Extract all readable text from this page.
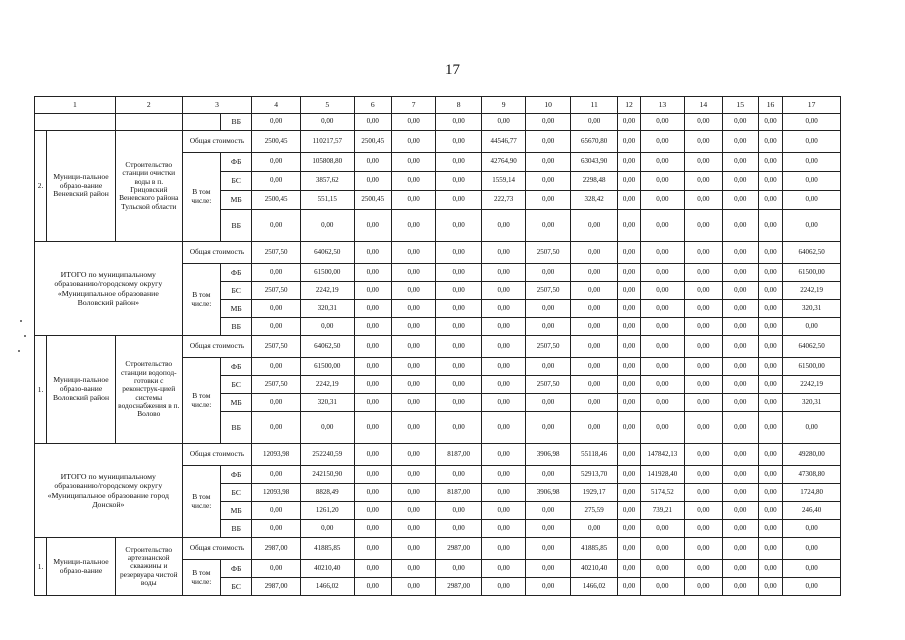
17
1		2	3		4	5	6	7	8	9	10	11	12	13	14	15	16	17
				ВБ	0,00	0,00	0,00	0,00	0,00	0,00	0,00	0,00	0,00	0,00	0,00	0,00	0,00	0,00
2.	Муници-пальное образо-вание Веневский район	Строительство станции очистки воды в п. Грицовский Веневского района Тульской области	Общая стоимость		2500,45	110217,57	2500,45	0,00	0,00	44546,77	0,00	65670,80	0,00	0,00	0,00	0,00	0,00	0,00
			В том числе:	ФБ	0,00	105808,80	0,00	0,00	0,00	42764,90	0,00	63043,90	0,00	0,00	0,00	0,00	0,00	0,00
				БС	0,00	3857,62	0,00	0,00	0,00	1559,14	0,00	2298,48	0,00	0,00	0,00	0,00	0,00	0,00
				МБ	2500,45	551,15	2500,45	0,00	0,00	222,73	0,00	328,42	0,00	0,00	0,00	0,00	0,00	0,00
				ВБ	0,00	0,00	0,00	0,00	0,00	0,00	0,00	0,00	0,00	0,00	0,00	0,00	0,00	0,00
ИТОГО по муниципальному образованию/городскому округу «Муниципальное образование Воловский район»			Общая стоимость		2507,50	64062,50	0,00	0,00	0,00	0,00	2507,50	0,00	0,00	0,00	0,00	0,00	0,00	64062,50
			В том числе:	ФБ	0,00	61500,00	0,00	0,00	0,00	0,00	0,00	0,00	0,00	0,00	0,00	0,00	0,00	61500,00
				БС	2507,50	2242,19	0,00	0,00	0,00	0,00	2507,50	0,00	0,00	0,00	0,00	0,00	0,00	2242,19
				МБ	0,00	320,31	0,00	0,00	0,00	0,00	0,00	0,00	0,00	0,00	0,00	0,00	0,00	320,31
				ВБ	0,00	0,00	0,00	0,00	0,00	0,00	0,00	0,00	0,00	0,00	0,00	0,00	0,00	0,00
1.	Муници-пальное образо-вание Воловский район	Строительство станции водопод-готовки с реконструк-цией системы водоснабжения в п. Волово	Общая стоимость		2507,50	64062,50	0,00	0,00	0,00	0,00	2507,50	0,00	0,00	0,00	0,00	0,00	0,00	64062,50
			В том числе:	ФБ	0,00	61500,00	0,00	0,00	0,00	0,00	0,00	0,00	0,00	0,00	0,00	0,00	0,00	61500,00
				БС	2507,50	2242,19	0,00	0,00	0,00	0,00	2507,50	0,00	0,00	0,00	0,00	0,00	0,00	2242,19
				МБ	0,00	320,31	0,00	0,00	0,00	0,00	0,00	0,00	0,00	0,00	0,00	0,00	0,00	320,31
				ВБ	0,00	0,00	0,00	0,00	0,00	0,00	0,00	0,00	0,00	0,00	0,00	0,00	0,00	0,00
ИТОГО по муниципальному образованию/городскому округу «Муниципальное образование город Донской»			Общая стоимость		12093,98	252240,59	0,00	0,00	8187,00	0,00	3906,98	55118,46	0,00	147842,13	0,00	0,00	0,00	49280,00
			В том числе:	ФБ	0,00	242150,90	0,00	0,00	0,00	0,00	0,00	52913,70	0,00	141928,40	0,00	0,00	0,00	47308,80
				БС	12093,98	8828,49	0,00	0,00	8187,00	0,00	3906,98	1929,17	0,00	5174,52	0,00	0,00	0,00	1724,80
				МБ	0,00	1261,20	0,00	0,00	0,00	0,00	0,00	275,59	0,00	739,21	0,00	0,00	0,00	246,40
				ВБ	0,00	0,00	0,00	0,00	0,00	0,00	0,00	0,00	0,00	0,00	0,00	0,00	0,00	0,00
1.	Муници-пальное образо-вание	Строительство артезианской скважины и резервуара чистой воды	Общая стоимость		2987,00	41885,85	0,00	0,00	2987,00	0,00	0,00	41885,85	0,00	0,00	0,00	0,00	0,00	0,00
			В том числе:	ФБ	0,00	40210,40	0,00	0,00	0,00	0,00	0,00	40210,40	0,00	0,00	0,00	0,00	0,00	0,00
				БС	2987,00	1466,02	0,00	0,00	2987,00	0,00	0,00	1466,02	0,00	0,00	0,00	0,00	0,00	0,00
